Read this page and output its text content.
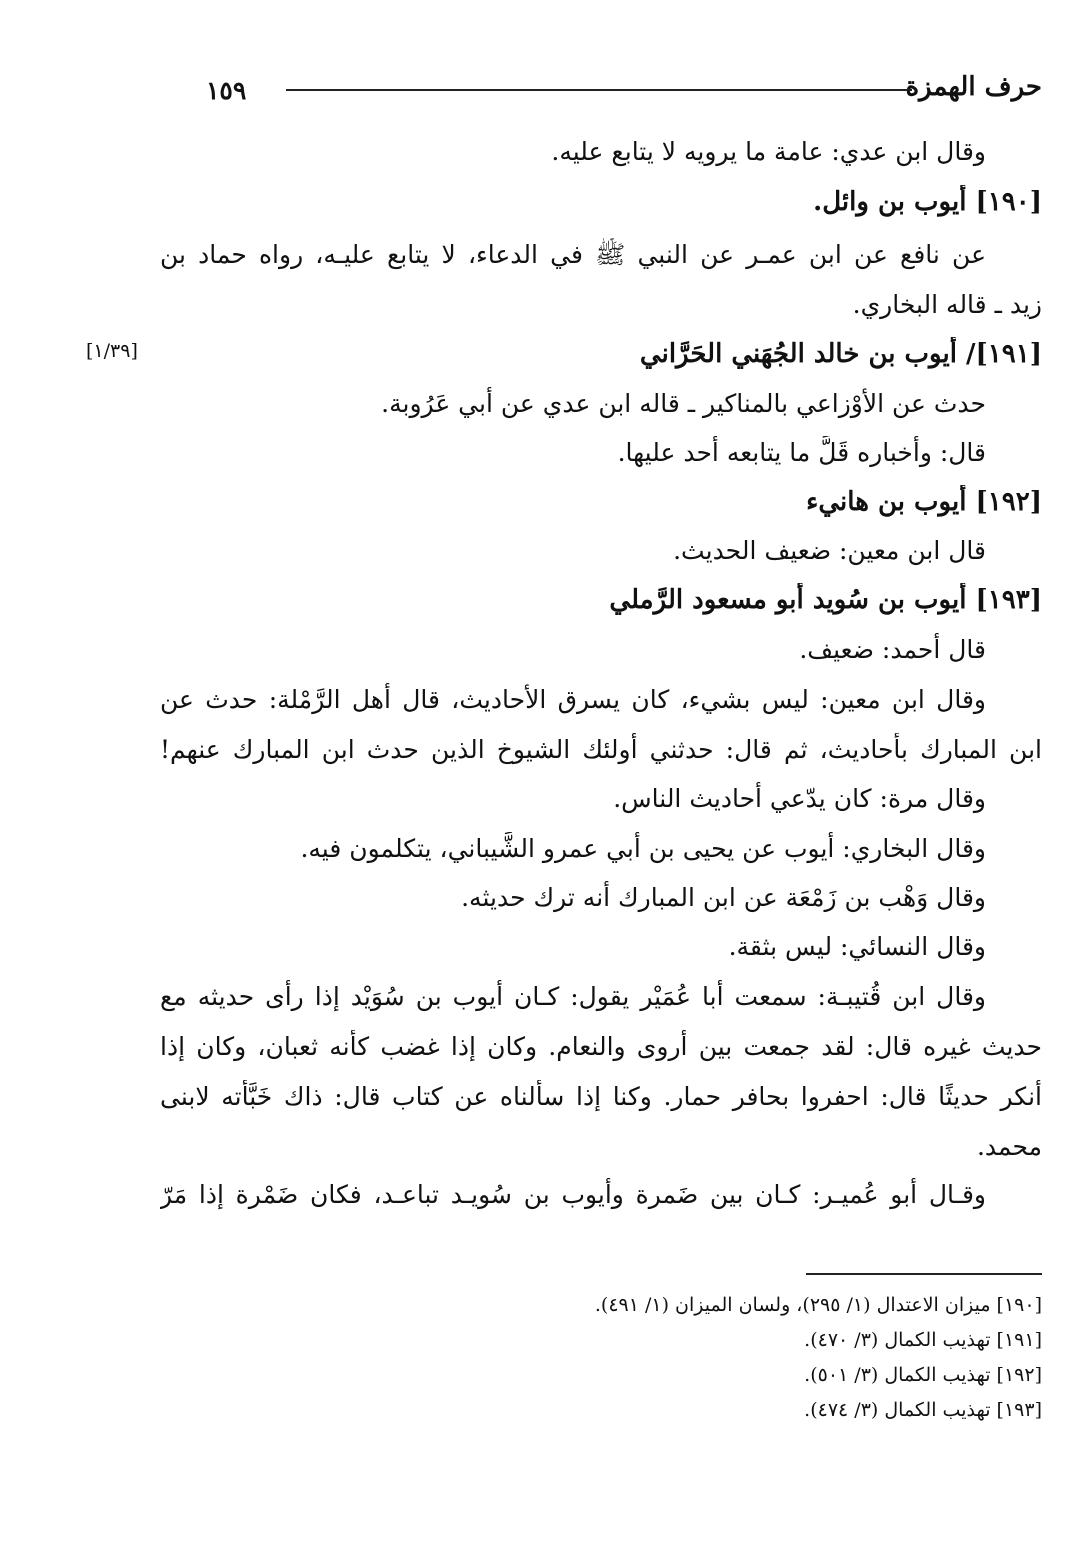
حرف الهمزة
١٥٩
[١/٣٩]
وقال ابن عدي: عامة ما يرويه لا يتابع عليه.
[١٩٠] أيوب بن وائل.
عن نافع عن ابن عمـر عن النبي ﷺ في الدعاء، لا يتابع عليـه، رواه حماد بن
زيد ـ قاله البخاري.
[١٩١]/ أيوب بن خالد الجُهَني الحَرَّاني
حدث عن الأوْزاعي بالمناكير ـ قاله ابن عدي عن أبي عَرُوبة.
قال: وأخباره قَلَّ ما يتابعه أحد عليها.
[١٩٢] أيوب بن هانيء
قال ابن معين: ضعيف الحديث.
[١٩٣] أيوب بن سُويد أبو مسعود الرَّملي
قال أحمد: ضعيف.
وقال ابن معين: ليس بشيء، كان يسرق الأحاديث، قال أهل الرَّمْلة: حدث عن
ابن المبارك بأحاديث، ثم قال: حدثني أولئك الشيوخ الذين حدث ابن المبارك عنهم!
وقال مرة: كان يدّعي أحاديث الناس.
وقال البخاري: أيوب عن يحيى بن أبي عمرو الشَّيباني، يتكلمون فيه.
وقال وَهْب بن زَمْعَة عن ابن المبارك أنه ترك حديثه.
وقال النسائي: ليس بثقة.
وقال ابن قُتيبـة: سمعت أبا عُمَيْر يقول: كـان أيوب بن سُوَيْد إذا رأى حديثه مع
حديث غيره قال: لقد جمعت بين أروى والنعام. وكان إذا غضب كأنه ثعبان، وكان إذا
أنكر حديثًا قال: احفروا بحافر حمار. وكنا إذا سألناه عن كتاب قال: ذاك خَبَّأته لابنى
محمد.
وقـال أبو عُميـر: كـان بين ضَمرة وأيوب بن سُويـد تباعـد، فكان ضَمْرة إذا مَرّ
[١٩٠] ميزان الاعتدال (١/ ٢٩٥)، ولسان الميزان (١/ ٤٩١).
[١٩١] تهذيب الكمال (٣/ ٤٧٠).
[١٩٢] تهذيب الكمال (٣/ ٥٠١).
[١٩٣] تهذيب الكمال (٣/ ٤٧٤).
